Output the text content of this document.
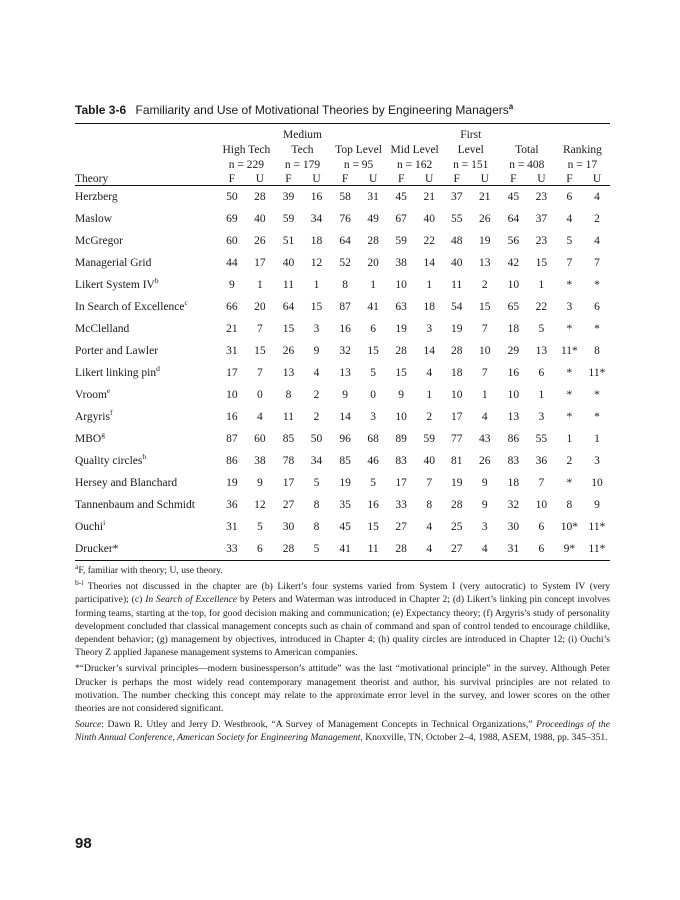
Table 3-6 Familiarity and Use of Motivational Theories by Engineering Managers$^a$
			Medium						First					
	High Tech		Tech		Top Level		Mid Level		Level		Total		Ranking	
	n = 229		n = 179		n = 95		n = 162		n = 151		n = 408		n = 17	
Theory	F	U	F	U	F	U	F	U	F	U	F	U	F	U
Herzberg	50	28	39	16	58	31	45	21	37	21	45	23	6	4
Maslow	69	40	59	34	76	49	67	40	55	26	64	37	4	2
McGregor	60	26	51	18	64	28	59	22	48	19	56	23	5	4
Managerial Grid	44	17	40	12	52	20	38	14	40	13	42	15	7	7
Likert System $IV^b$	9	1	11	1	8	1	10	1	11	2	10	1	*	*
In Search of Excellence$^c$	66	20	64	15	87	41	63	18	54	15	65	22	3	6
McClelland	21	7	15	3	16	6	19	3	19	7	18	5	*	*
Porter and Lawler	31	15	26	9	32	15	28	14	28	10	29	13	11*	8
Likert linking pin$^d$	17	7	13	4	13	5	15	4	18	7	16	6	*	11*
Vroom$^e$	10	0	8	2	9	0	9	1	10	1	10	1	*	*
Argyris$^f$	16	4	11	2	14	3	10	2	17	4	13	3	*	*
MBO$^g$	87	60	85	50	96	68	89	59	77	43	86	55	1	1
Quality circles$^h$	86	38	78	34	85	46	83	40	81	26	83	36	2	3
Hersey and Blanchard	19	9	17	5	19	5	17	7	19	9	18	7	*	10
Tannenbaum and Schmidt	36	12	27	8	35	16	33	8	28	9	32	10	8	9
Ouchi$^i$	31	5	30	8	45	15	27	4	25	3	30	6	10*	11*
Drucker*	33	6	28	5	41	11	28	4	27	4	31	6	9*	11*

$^a$F, familiar with theory; U, use theory.

$^{b-i}$ Theories not discussed in the chapter are (b) Likert’s four systems varied from System I (very autocratic) to System IV (very participative); (c) In Search of Excellence by Peters and Waterman was introduced in Chapter 2; (d) Likert’s linking pin concept involves forming teams, starting at the top, for good decision making and communication; (e) Expectancy theory; (f) Argyris’s study of personality development concluded that classical management concepts such as chain of command and span of control tended to encourage childlike, dependent behavior; (g) management by objectives, introduced in Chapter 4; (h) quality circles are introduced in Chapter 12; (i) Ouchi’s Theory Z applied Japanese management systems to American companies.

*“Drucker’s survival principles—modern businessperson’s attitude” was the last “motivational principle” in the survey. Although Peter Drucker is perhaps the most widely read contemporary management theorist and author, his survival principles are not related to motivation. The number checking this concept may relate to the approximate error level in the survey, and lower scores on the other theories are not considered significant.

Source: Dawn R. Utley and Jerry D. Westbrook, “A Survey of Management Concepts in Technical Organizations,” Proceedings of the Ninth Annual Conference, American Society for Engineering Management, Knoxville, TN, October 2–4, 1988, ASEM, 1988, pp. 345–351.

98
